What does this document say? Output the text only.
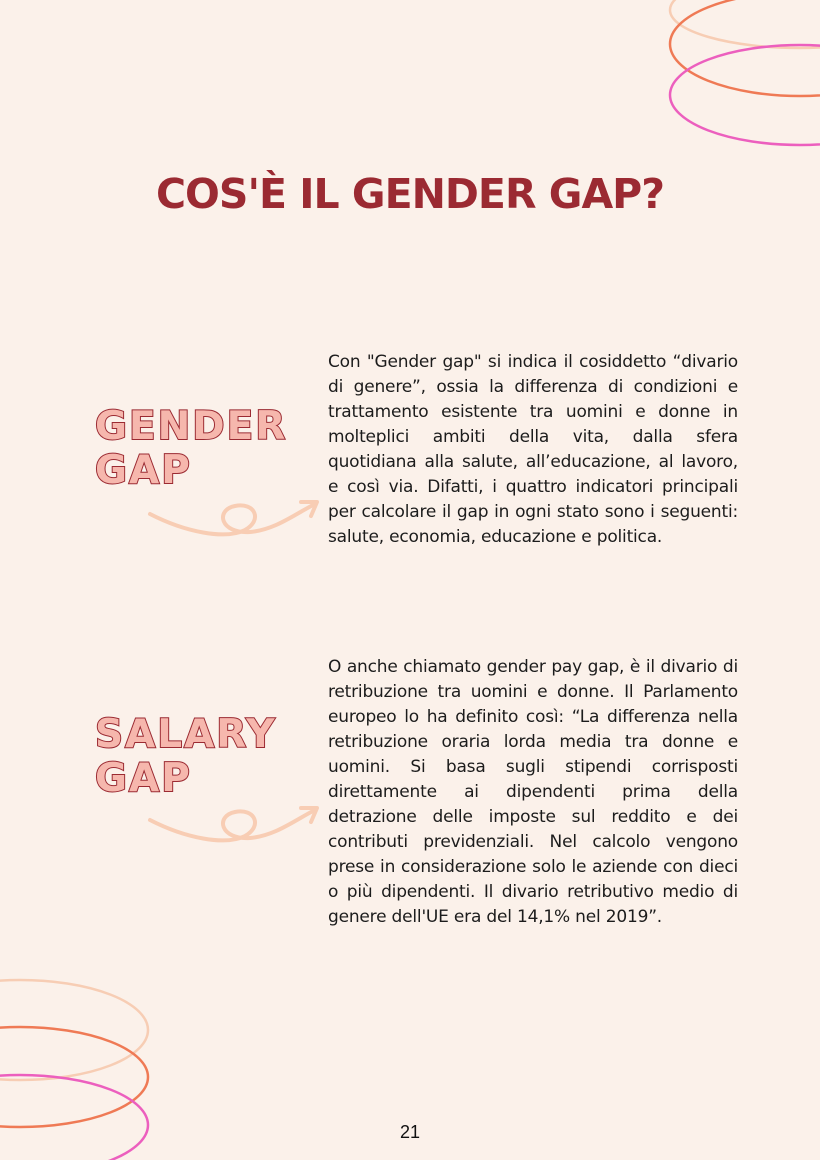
COS'È IL GENDER GAP?
GENDER
GAP

Con "Gender gap" si indica il cosiddetto “divario di genere”, ossia la differenza di condizioni e trattamento esistente tra uomini e donne in molteplici ambiti della vita, dalla sfera quotidiana alla salute, all’educazione, al lavoro, e così via. Difatti, i quattro indicatori principali per calcolare il gap in ogni stato sono i seguenti: salute, economia, educazione e politica.

SALARY
GAP

O anche chiamato gender pay gap, è il divario di retribuzione tra uomini e donne. Il Parlamento europeo lo ha definito così: “La differenza nella retribuzione oraria lorda media tra donne e uomini. Si basa sugli stipendi corrisposti direttamente ai dipendenti prima della detrazione delle imposte sul reddito e dei contributi previdenziali. Nel calcolo vengono prese in considerazione solo le aziende con dieci o più dipendenti. Il divario retributivo medio di genere dell'UE era del 14,1% nel 2019”.

21
